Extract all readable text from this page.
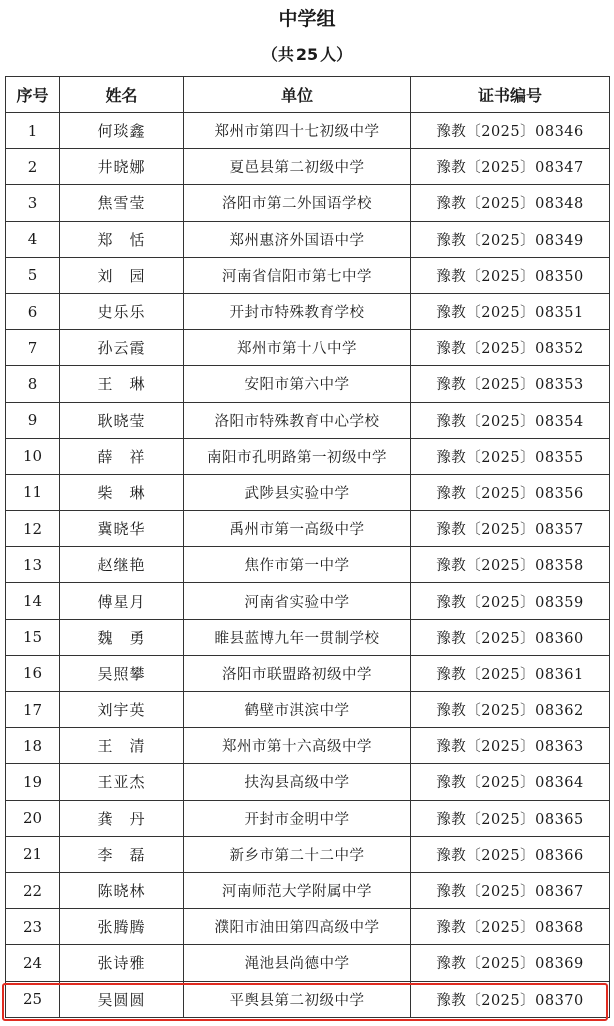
中学组
（共 25 人）
序号	姓名	单位	证书编号
1	何琰鑫	郑州市第四十七初级中学	豫教〔2025〕08346
2	井晓娜	夏邑县第二初级中学	豫教〔2025〕08347
3	焦雪莹	洛阳市第二外国语学校	豫教〔2025〕08348
4	郑　恬	郑州惠济外国语中学	豫教〔2025〕08349
5	刘　园	河南省信阳市第七中学	豫教〔2025〕08350
6	史乐乐	开封市特殊教育学校	豫教〔2025〕08351
7	孙云霞	郑州市第十八中学	豫教〔2025〕08352
8	王　琳	安阳市第六中学	豫教〔2025〕08353
9	耿晓莹	洛阳市特殊教育中心学校	豫教〔2025〕08354
10	薛　祥	南阳市孔明路第一初级中学	豫教〔2025〕08355
11	柴　琳	武陟县实验中学	豫教〔2025〕08356
12	冀晓华	禹州市第一高级中学	豫教〔2025〕08357
13	赵继艳	焦作市第一中学	豫教〔2025〕08358
14	傅星月	河南省实验中学	豫教〔2025〕08359
15	魏　勇	睢县蓝博九年一贯制学校	豫教〔2025〕08360
16	吴照攀	洛阳市联盟路初级中学	豫教〔2025〕08361
17	刘宇英	鹤壁市淇滨中学	豫教〔2025〕08362
18	王　清	郑州市第十六高级中学	豫教〔2025〕08363
19	王亚杰	扶沟县高级中学	豫教〔2025〕08364
20	龚　丹	开封市金明中学	豫教〔2025〕08365
21	李　磊	新乡市第二十二中学	豫教〔2025〕08366
22	陈晓林	河南师范大学附属中学	豫教〔2025〕08367
23	张腾腾	濮阳市油田第四高级中学	豫教〔2025〕08368
24	张诗雅	渑池县尚德中学	豫教〔2025〕08369
25	吴圆圆	平舆县第二初级中学	豫教〔2025〕08370
